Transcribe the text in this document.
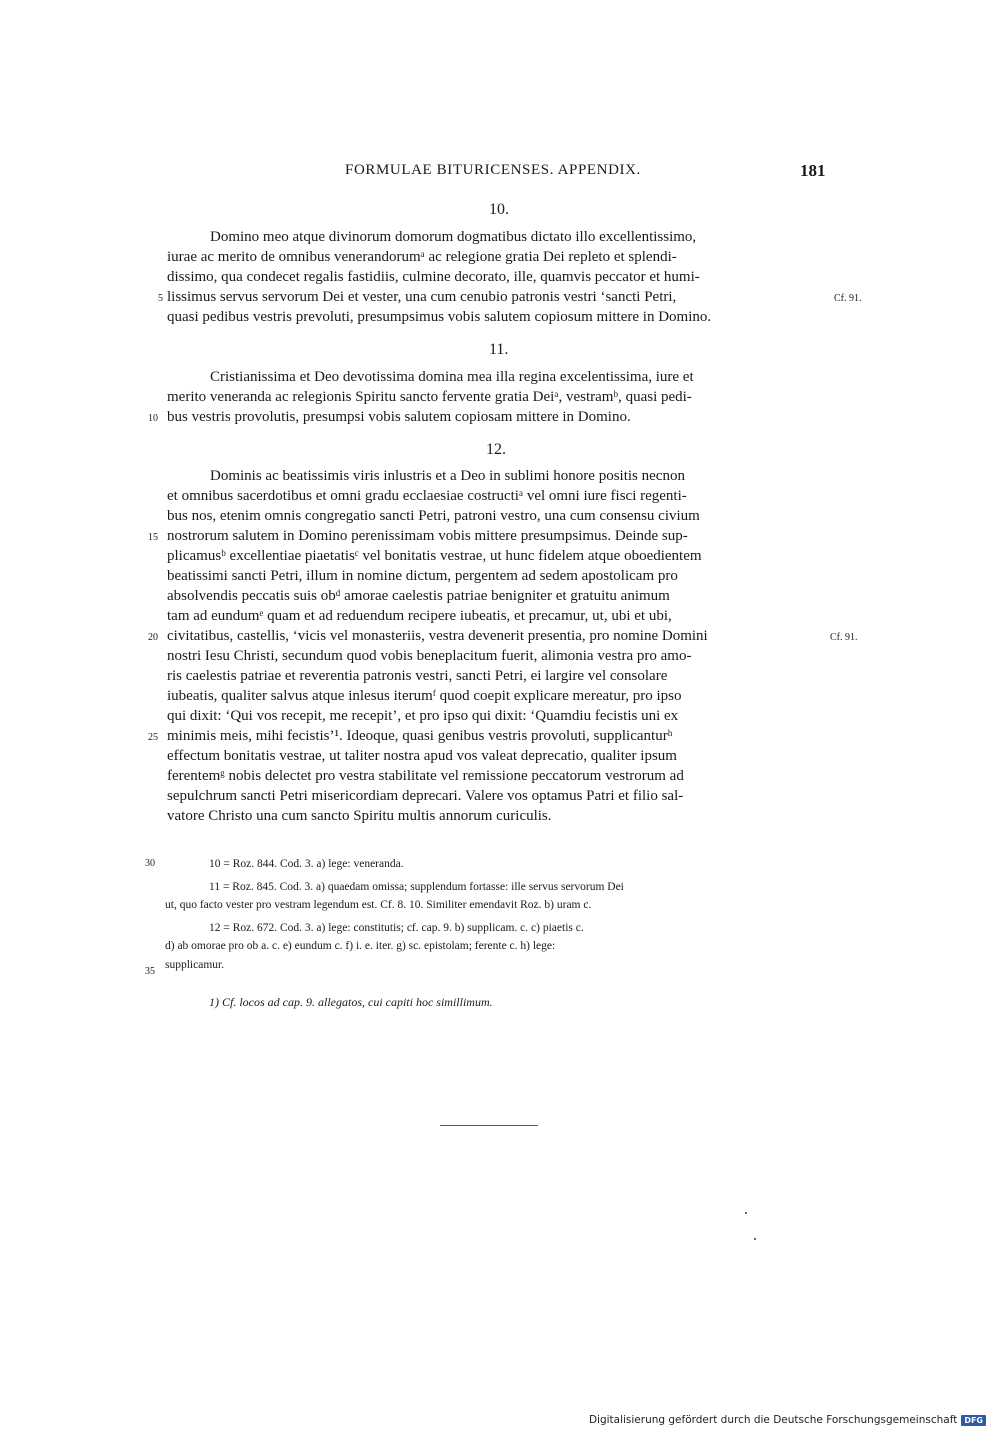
FORMULAE BITURICENSES. APPENDIX.	181
10.
Domino meo atque divinorum domorum dogmatibus dictato illo excellentissimo,
iurae ac merito de omnibus venerandorumᵃ ac relegione gratia Dei repleto et splendi-
dissimo, qua condecet regalis fastidiis, culmine decorato, ille, quamvis peccator et humi-
lissimus servus servorum Dei et vester, una cum cenubio patronis vestri ʻsancti Petri,
quasi pedibus vestris prevoluti, presumpsimus vobis salutem copiosum mittere in Domino.
11.
Cristianissima et Deo devotissima domina mea illa regina excelentissima, iure et
merito veneranda ac relegionis Spiritu sancto fervente gratia Deiᵃ, vestramᵇ, quasi pedi-
bus vestris provolutis, presumpsi vobis salutem copiosam mittere in Domino.
12.
Dominis ac beatissimis viris inlustris et a Deo in sublimi honore positis necnon
et omnibus sacerdotibus et omni gradu ecclaesiae costructiᵃ vel omni iure fisci regenti-
bus nos, etenim omnis congregatio sancti Petri, patroni vestro, una cum consensu civium
nostrorum salutem in Domino perenissimam vobis mittere presumpsimus. Deinde sup-
plicamusᵇ excellentiae piaetatisᶜ vel bonitatis vestrae, ut hunc fidelem atque oboedientem
beatissimi sancti Petri, illum in nomine dictum, pergentem ad sedem apostolicam pro
absolvendis peccatis suis obᵈ amorae caelestis patriae benigniter et gratuitu animum
tam ad eundumᵉ quam et ad reduendum recipere iubeatis, et precamur, ut, ubi et ubi,
civitatibus, castellis, ʻvicis vel monasteriis, vestra devenerit presentia, pro nomine Domini
nostri Iesu Christi, secundum quod vobis beneplacitum fuerit, alimonia vestra pro amo-
ris caelestis patriae et reverentia patronis vestri, sancti Petri, ei largire vel consolare
iubeatis, qualiter salvus atque inlesus iterumᶠ quod coepit explicare mereatur, pro ipso
qui dixit: ‘Qui vos recepit, me recepit’, et pro ipso qui dixit: ‘Quamdiu fecistis uni ex
minimis meis, mihi fecistis’¹. Ideoque, quasi genibus vestris provoluti, supplicanturʰ
effectum bonitatis vestrae, ut taliter nostra apud vos valeat deprecatio, qualiter ipsum
ferentemᵍ nobis delectet pro vestra stabilitate vel remissione peccatorum vestrorum ad
sepulchrum sancti Petri misericordiam deprecari. Valere vos optamus Patri et filio sal-
vatore Christo una cum sancto Spiritu multis annorum curiculis.
5
10
15
20
25
30
35
Cf. 91.
Cf. 91.
10 = Roz. 844. Cod. 3. a) lege: veneranda.
11 = Roz. 845. Cod. 3. a) quaedam omissa; supplendum fortasse: ille servus servorum Dei
ut, quo facto vester pro vestram legendum est. Cf. 8. 10. Similiter emendavit Roz. b) uram c.
12 = Roz. 672. Cod. 3. a) lege: constitutis; cf. cap. 9. b) supplicam. c. c) piaetis c.
d) ab omorae pro ob a. c. e) eundum c. f) i. e. iter. g) sc. epistolam; ferente c. h) lege:
supplicamur.
1) Cf. locos ad cap. 9. allegatos, cui capiti hoc simillimum.
Digitalisierung gefördert durch die Deutsche Forschungsgemeinschaft DFG
